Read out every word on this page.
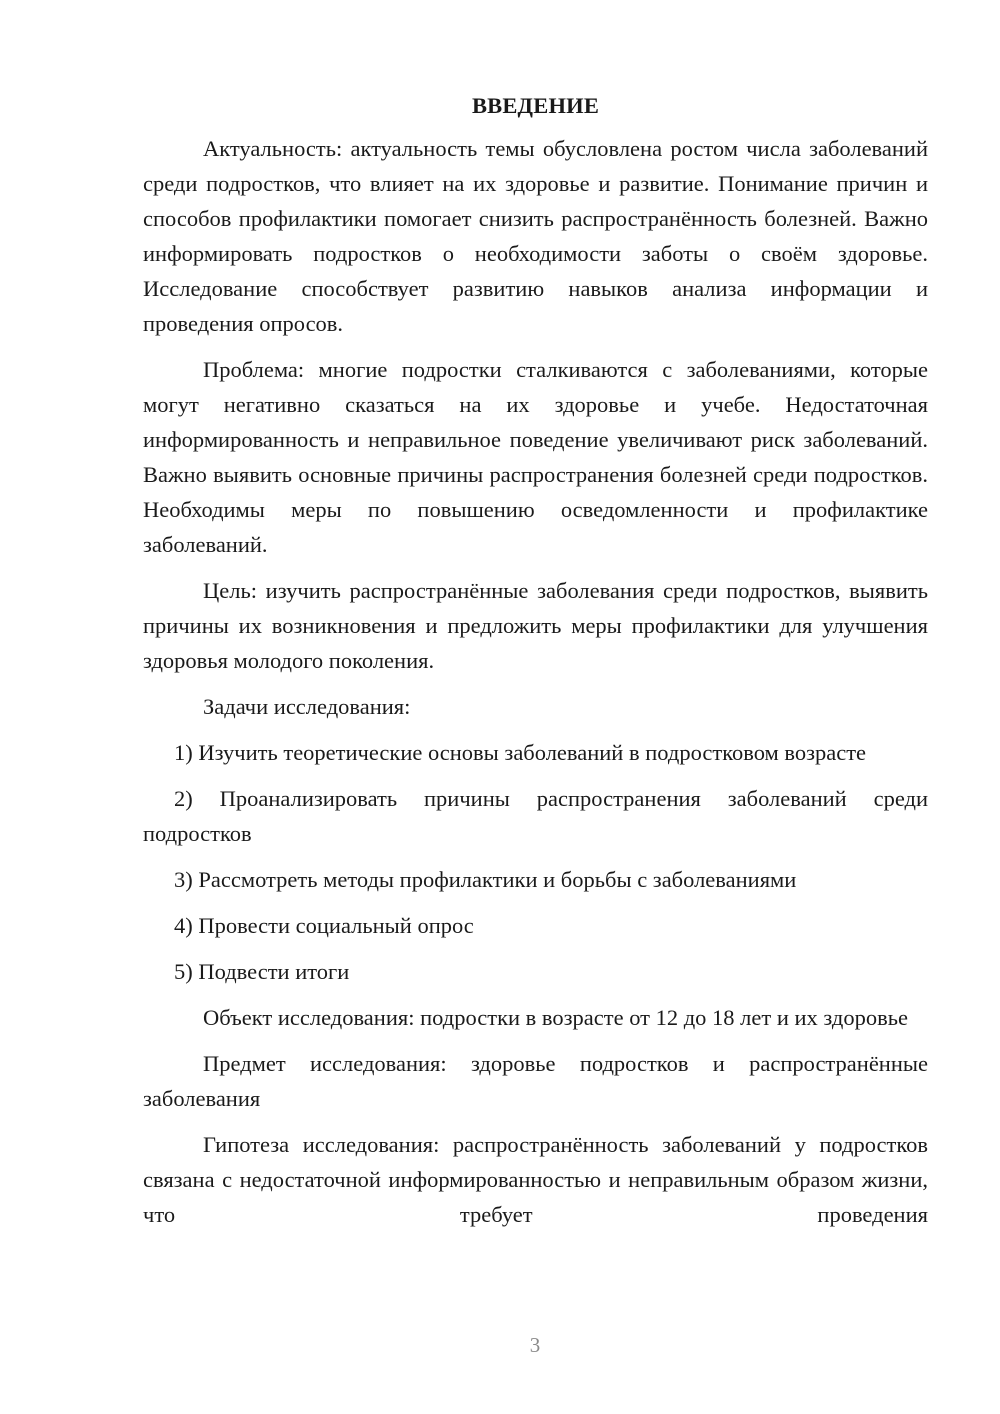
ВВЕДЕНИЕ

Актуальность: актуальность темы обусловлена ростом числа заболеваний среди подростков, что влияет на их здоровье и развитие. Понимание причин и способов профилактики помогает снизить распространённость болезней. Важно информировать подростков о необходимости заботы о своём здоровье. Исследование способствует развитию навыков анализа информации и проведения опросов.

Проблема: многие подростки сталкиваются с заболеваниями, которые могут негативно сказаться на их здоровье и учебе. Недостаточная информированность и неправильное поведение увеличивают риск заболеваний. Важно выявить основные причины распространения болезней среди подростков. Необходимы меры по повышению осведомленности и профилактике заболеваний.

Цель: изучить распространённые заболевания среди подростков, выявить причины их возникновения и предложить меры профилактики для улучшения здоровья молодого поколения.

Задачи исследования:

1) Изучить теоретические основы заболеваний в подростковом возрасте

2) Проанализировать причины распространения заболеваний среди подростков

3) Рассмотреть методы профилактики и борьбы с заболеваниями

4) Провести социальный опрос

5) Подвести итоги

Объект исследования: подростки в возрасте от 12 до 18 лет и их здоровье

Предмет исследования: здоровье подростков и распространённые заболевания

Гипотеза исследования: распространённость заболеваний у подростков связана с недостаточной информированностью и неправильным образом жизни, что требует проведения

3
